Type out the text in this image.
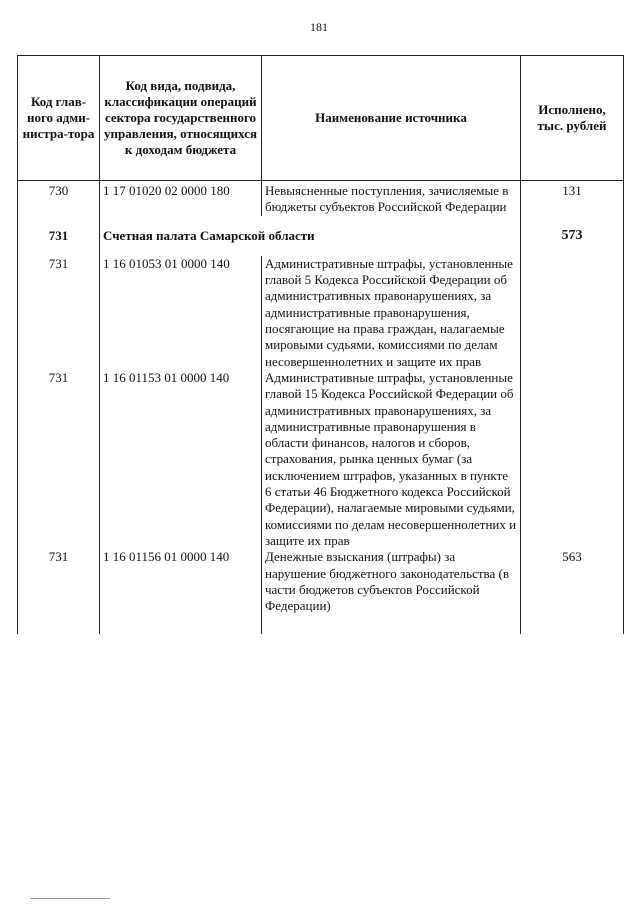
181
Код глав-ного адми-нистра-тора	Код вида, подвида, классификации операций сектора государственного управления, относящихся к доходам бюджета	Наименование источника	Исполнено, тыс. рублей
730	1 17 01020 02 0000 180	Невыясненные поступления, зачисляемые в бюджеты субъектов Российской Федерации	131
731	Счетная палата Самарской области		573
731	1 16 01053 01 0000 140	Административные штрафы, установленные главой 5 Кодекса Российской Федерации об административных правонарушениях, за административные правонарушения, посягающие на права граждан, налагаемые мировыми судьями, комиссиями по делам несовершеннолетних и защите их прав	
731	1 16 01153 01 0000 140	Административные штрафы, установленные главой 15 Кодекса Российской Федерации об административных правонарушениях, за административные правонарушения в области финансов, налогов и сборов, страхования, рынка ценных бумаг (за исключением штрафов, указанных в пункте 6 статьи 46 Бюджетного кодекса Российской Федерации), налагаемые мировыми судьями, комиссиями по делам несовершеннолетних и защите их прав	
731	1 16 01156 01 0000 140	Денежные взыскания (штрафы) за нарушение бюджетного законодательства (в части бюджетов субъектов Российской Федерации)	563
